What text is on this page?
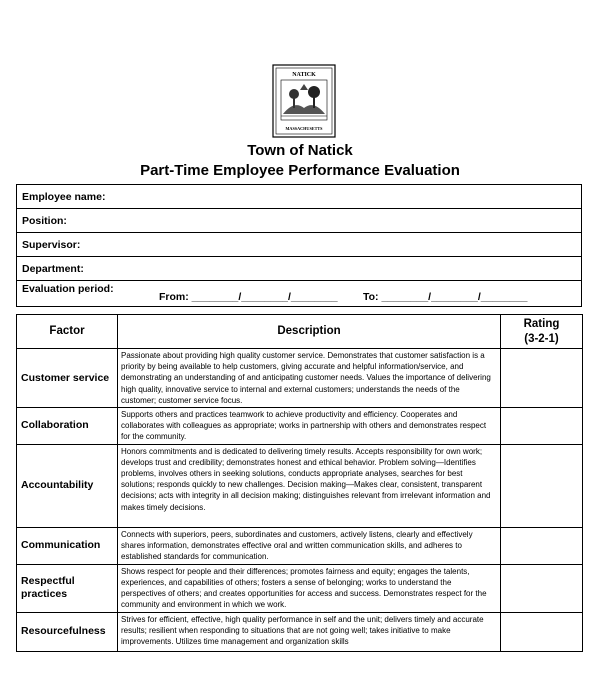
NATICK
MASSACHUSETTS
Town of Natick
Part-Time Employee Performance Evaluation
Employee name:
Position:
Supervisor:
Department:

Evaluation period:
From: ________/________/________ To: ________/________/________
Factor	Description	Rating
(3-2-1)
Customer service	Passionate about providing high quality customer service. Demonstrates that customer satisfaction is a priority by being available to help customers, giving accurate and helpful information/service, and demonstrating an understanding of and anticipating customer needs. Values the importance of delivering high quality, innovative service to internal and external customers; understands the needs of the customer; customer service focus.	
Collaboration	Supports others and practices teamwork to achieve productivity and efficiency. Cooperates and collaborates with colleagues as appropriate; works in partnership with others and demonstrates respect for the community.	
Accountability	Honors commitments and is dedicated to delivering timely results. Accepts responsibility for own work; develops trust and credibility; demonstrates honest and ethical behavior. Problem solving—Identifies problems, involves others in seeking solutions, conducts appropriate analyses, searches for best solutions; responds quickly to new challenges. Decision making—Makes clear, consistent, transparent decisions; acts with integrity in all decision making; distinguishes relevant from irrelevant information and makes timely decisions.	
Communication	Connects with superiors, peers, subordinates and customers, actively listens, clearly and effectively shares information, demonstrates effective oral and written communication skills, and adheres to established standards for communication.	
Respectful
practices	Shows respect for people and their differences; promotes fairness and equity; engages the talents, experiences, and capabilities of others; fosters a sense of belonging; works to understand the perspectives of others; and creates opportunities for access and success. Demonstrates respect for the community and environment in which we work.	
Resourcefulness	Strives for efficient, effective, high quality performance in self and the unit; delivers timely and accurate results; resilient when responding to situations that are not going well; takes initiative to make improvements. Utilizes time management and organization skills	
